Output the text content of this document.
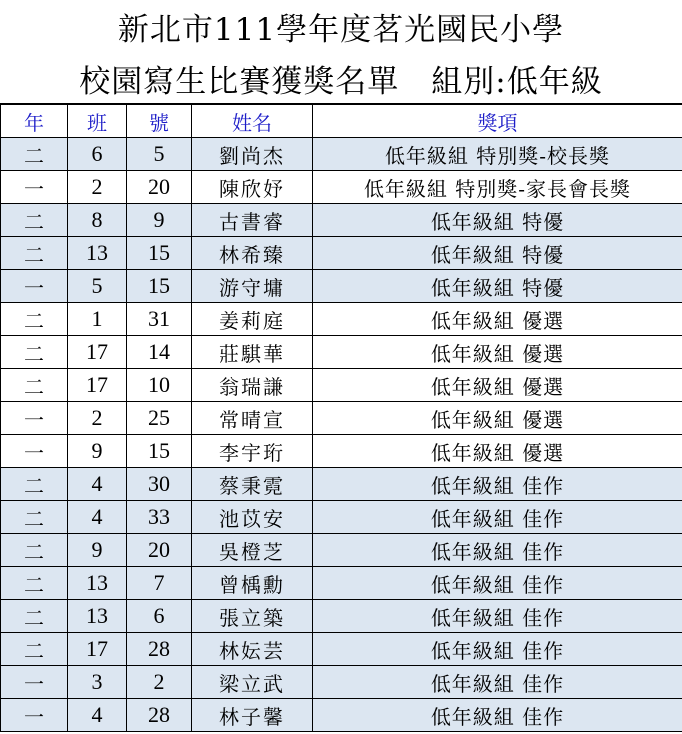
新北市111學年度茗光國民小學
校園寫生比賽獲獎名單　組別:低年級
年	班	號	姓名	獎項
二	6	5	劉尚杰	低年級組 特別獎-校長獎
一	2	20	陳欣妤	低年級組 特別獎-家長會長獎
二	8	9	古書睿	低年級組 特優
二	13	15	林希臻	低年級組 特優
一	5	15	游守墉	低年級組 特優
二	1	31	姜莉庭	低年級組 優選
二	17	14	莊騏華	低年級組 優選
二	17	10	翁瑞謙	低年級組 優選
一	2	25	常晴宣	低年級組 優選
一	9	15	李宇珩	低年級組 優選
二	4	30	蔡秉霓	低年級組 佳作
二	4	33	池苡安	低年級組 佳作
二	9	20	吳橙芝	低年級組 佳作
二	13	7	曾楀勳	低年級組 佳作
二	13	6	張立築	低年級組 佳作
二	17	28	林妘芸	低年級組 佳作
一	3	2	梁立武	低年級組 佳作
一	4	28	林子馨	低年級組 佳作
